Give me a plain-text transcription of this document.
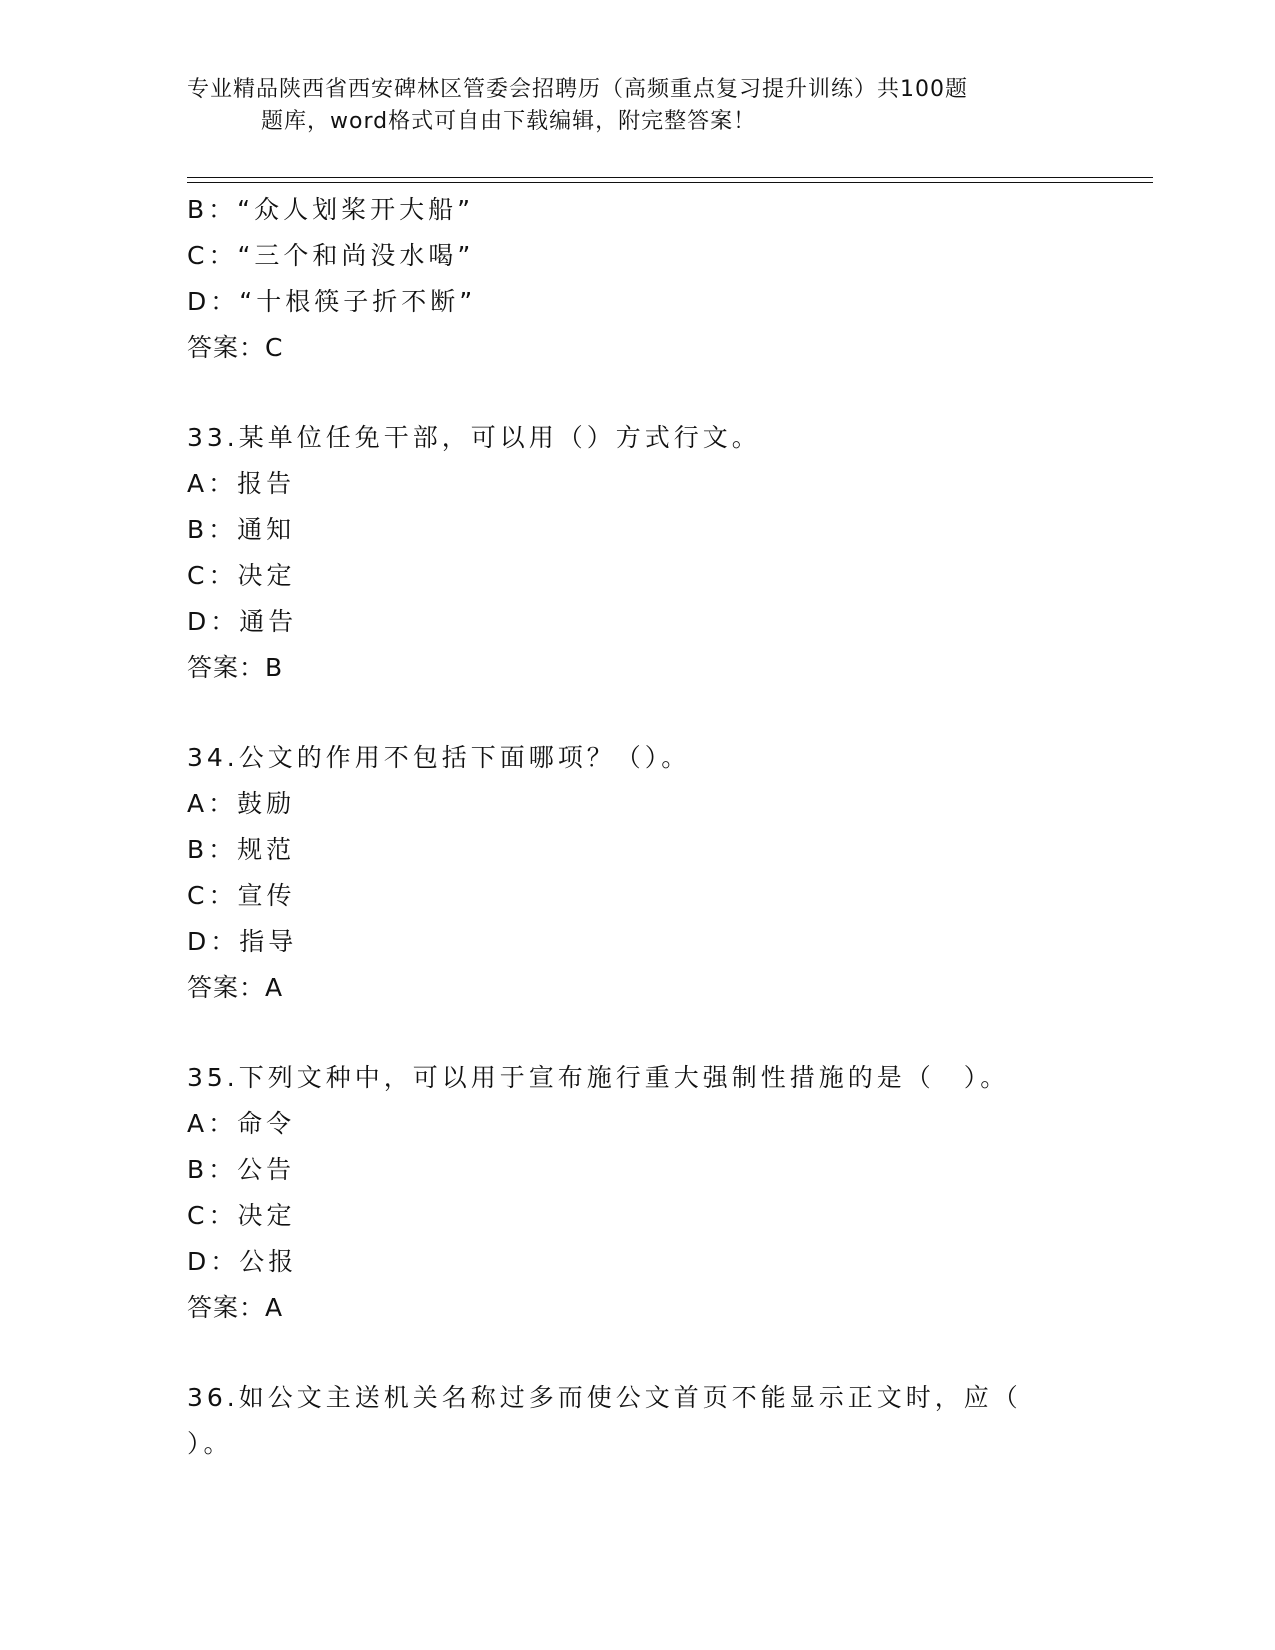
专业精品陕西省西安碑林区管委会招聘历（高频重点复习提升训练）共100题
题库，word格式可自由下载编辑，附完整答案！
B：“众人划桨开大船”
C：“三个和尚没水喝”
D：“十根筷子折不断”
答案：C
33.某单位任免干部，可以用（）方式行文。
A：报告
B：通知
C：决定
D：通告
答案：B
34.公文的作用不包括下面哪项？（）。
A：鼓励
B：规范
C：宣传
D：指导
答案：A
35.下列文种中，可以用于宣布施行重大强制性措施的是（　）。
A：命令
B：公告
C：决定
D：公报
答案：A
36.如公文主送机关名称过多而使公文首页不能显示正文时，应（
）。
